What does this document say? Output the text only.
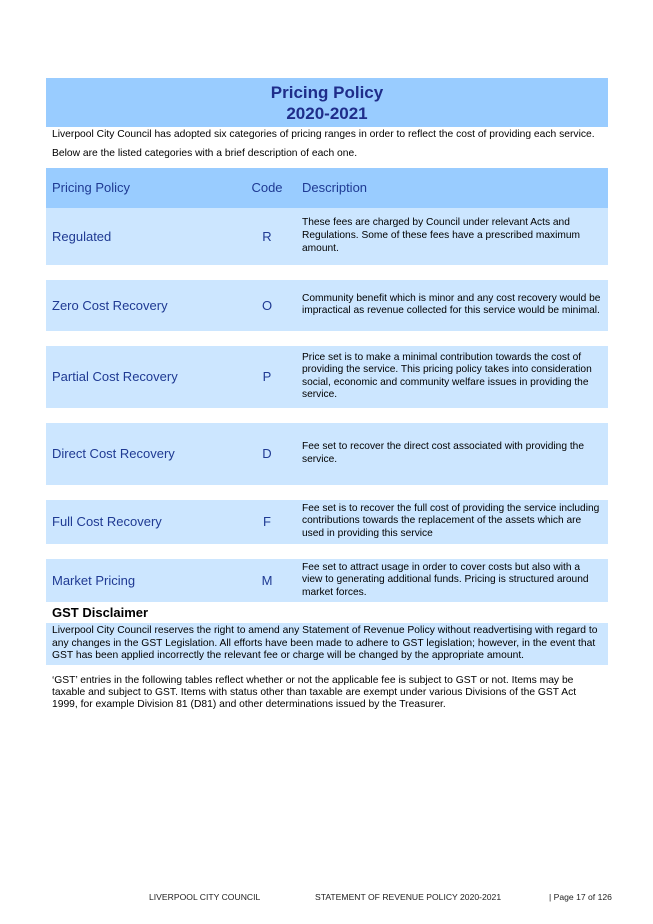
Pricing Policy
2020-2021
Liverpool City Council has adopted six categories of pricing ranges in order to reflect the cost of providing each service.
Below are the listed categories with a brief description of each one.
Pricing Policy	Code	Description
Regulated	R	These fees are charged by Council under relevant Acts and Regulations. Some of these fees have a prescribed maximum amount.

Zero Cost Recovery	O	Community benefit which is minor and any cost recovery would be impractical as revenue collected for this service would be minimal.

Partial Cost Recovery	P	Price set is to make a minimal contribution towards the cost of providing the service. This pricing policy takes into consideration social, economic and community welfare issues in providing the service.

Direct Cost Recovery	D	Fee set to recover the direct cost associated with providing the service.

Full Cost Recovery	F	Fee set is to recover the full cost of providing the service including contributions towards the replacement of the assets which are used in providing this service

Market Pricing	M	Fee set to attract usage in order to cover costs but also with a view to generating additional funds. Pricing is structured around market forces.
GST Disclaimer
Liverpool City Council reserves the right to amend any Statement of Revenue Policy without readvertising with regard to any changes in the GST Legislation. All efforts have been made to adhere to GST legislation; however, in the event that GST has been applied incorrectly the relevant fee or charge will be changed by the appropriate amount.
‘GST’ entries in the following tables reflect whether or not the applicable fee is subject to GST or not. Items may be taxable and subject to GST. Items with status other than taxable are exempt under various Divisions of the GST Act 1999, for example Division 81 (D81) and other determinations issued by the Treasurer.
LIVERPOOL CITY COUNCIL	STATEMENT OF REVENUE POLICY 2020-2021	| Page 17 of 126
